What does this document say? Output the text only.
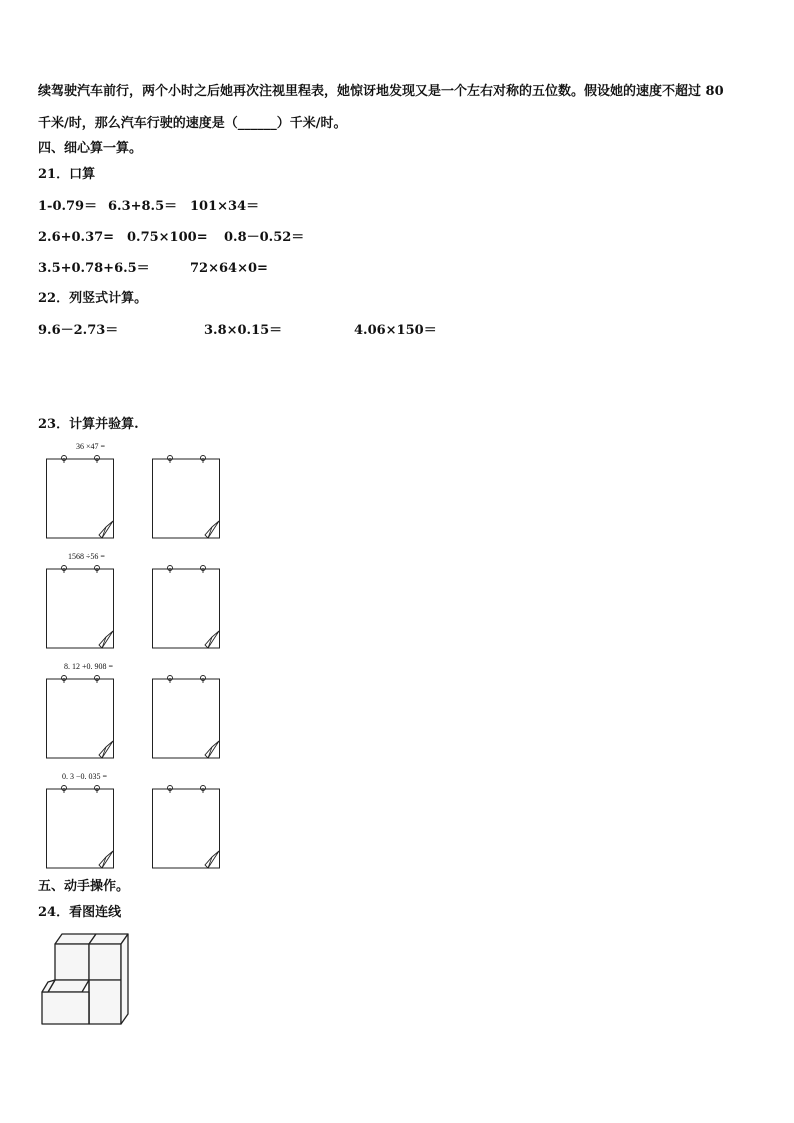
续驾驶汽车前行，两个小时之后她再次注视里程表，她惊讶地发现又是一个左右对称的五位数。假设她的速度不超过 80
千米/时，那么汽车行驶的速度是（______）千米/时。
四、细心算一算。
21．口算
1-0.79＝ 6.3+8.5＝ 101×34＝
2.6+0.37= 0.75×100= 0.8－0.52＝
3.5+0.78+6.5＝	72×64×0=
22．列竖式计算。
9.6－2.73＝	3.8×0.15＝	4.06×150＝
23．计算并验算.
36 ×47 =
1568 ÷56 =
8. 12 +0. 908 =
0. 3 −0. 035 =
五、动手操作。
24．看图连线
